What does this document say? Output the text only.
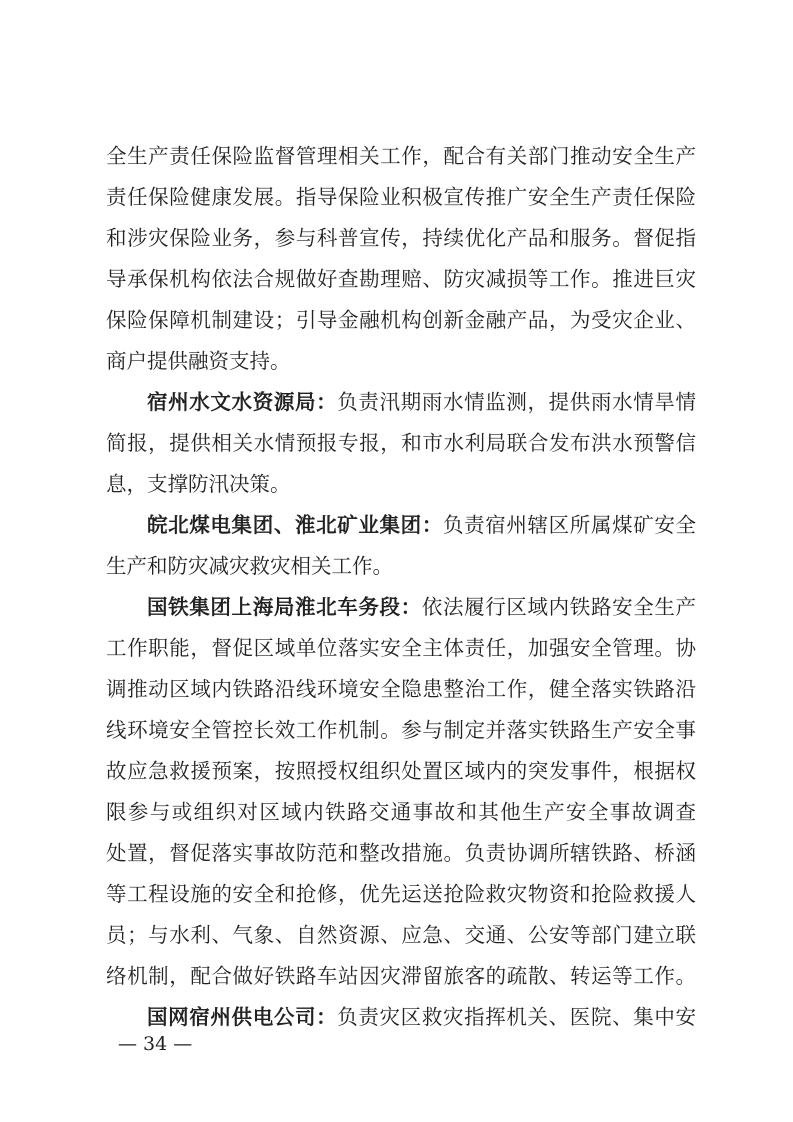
全生产责任保险监督管理相关工作，配合有关部门推动安全生产
责任保险健康发展。指导保险业积极宣传推广安全生产责任保险
和涉灾保险业务，参与科普宣传，持续优化产品和服务。督促指
导承保机构依法合规做好查勘理赔、防灾减损等工作。推进巨灾
保险保障机制建设；引导金融机构创新金融产品，为受灾企业、
商户提供融资支持。
宿州水文水资源局：负责汛期雨水情监测，提供雨水情旱情
简报，提供相关水情预报专报，和市水利局联合发布洪水预警信
息，支撑防汛决策。
皖北煤电集团、淮北矿业集团：负责宿州辖区所属煤矿安全
生产和防灾减灾救灾相关工作。
国铁集团上海局淮北车务段：依法履行区域内铁路安全生产
工作职能，督促区域单位落实安全主体责任，加强安全管理。协
调推动区域内铁路沿线环境安全隐患整治工作，健全落实铁路沿
线环境安全管控长效工作机制。参与制定并落实铁路生产安全事
故应急救援预案，按照授权组织处置区域内的突发事件，根据权
限参与或组织对区域内铁路交通事故和其他生产安全事故调查
处置，督促落实事故防范和整改措施。负责协调所辖铁路、桥涵
等工程设施的安全和抢修，优先运送抢险救灾物资和抢险救援人
员；与水利、气象、自然资源、应急、交通、公安等部门建立联
络机制，配合做好铁路车站因灾滞留旅客的疏散、转运等工作。
国网宿州供电公司：负责灾区救灾指挥机关、医院、集中安
— 34 —
